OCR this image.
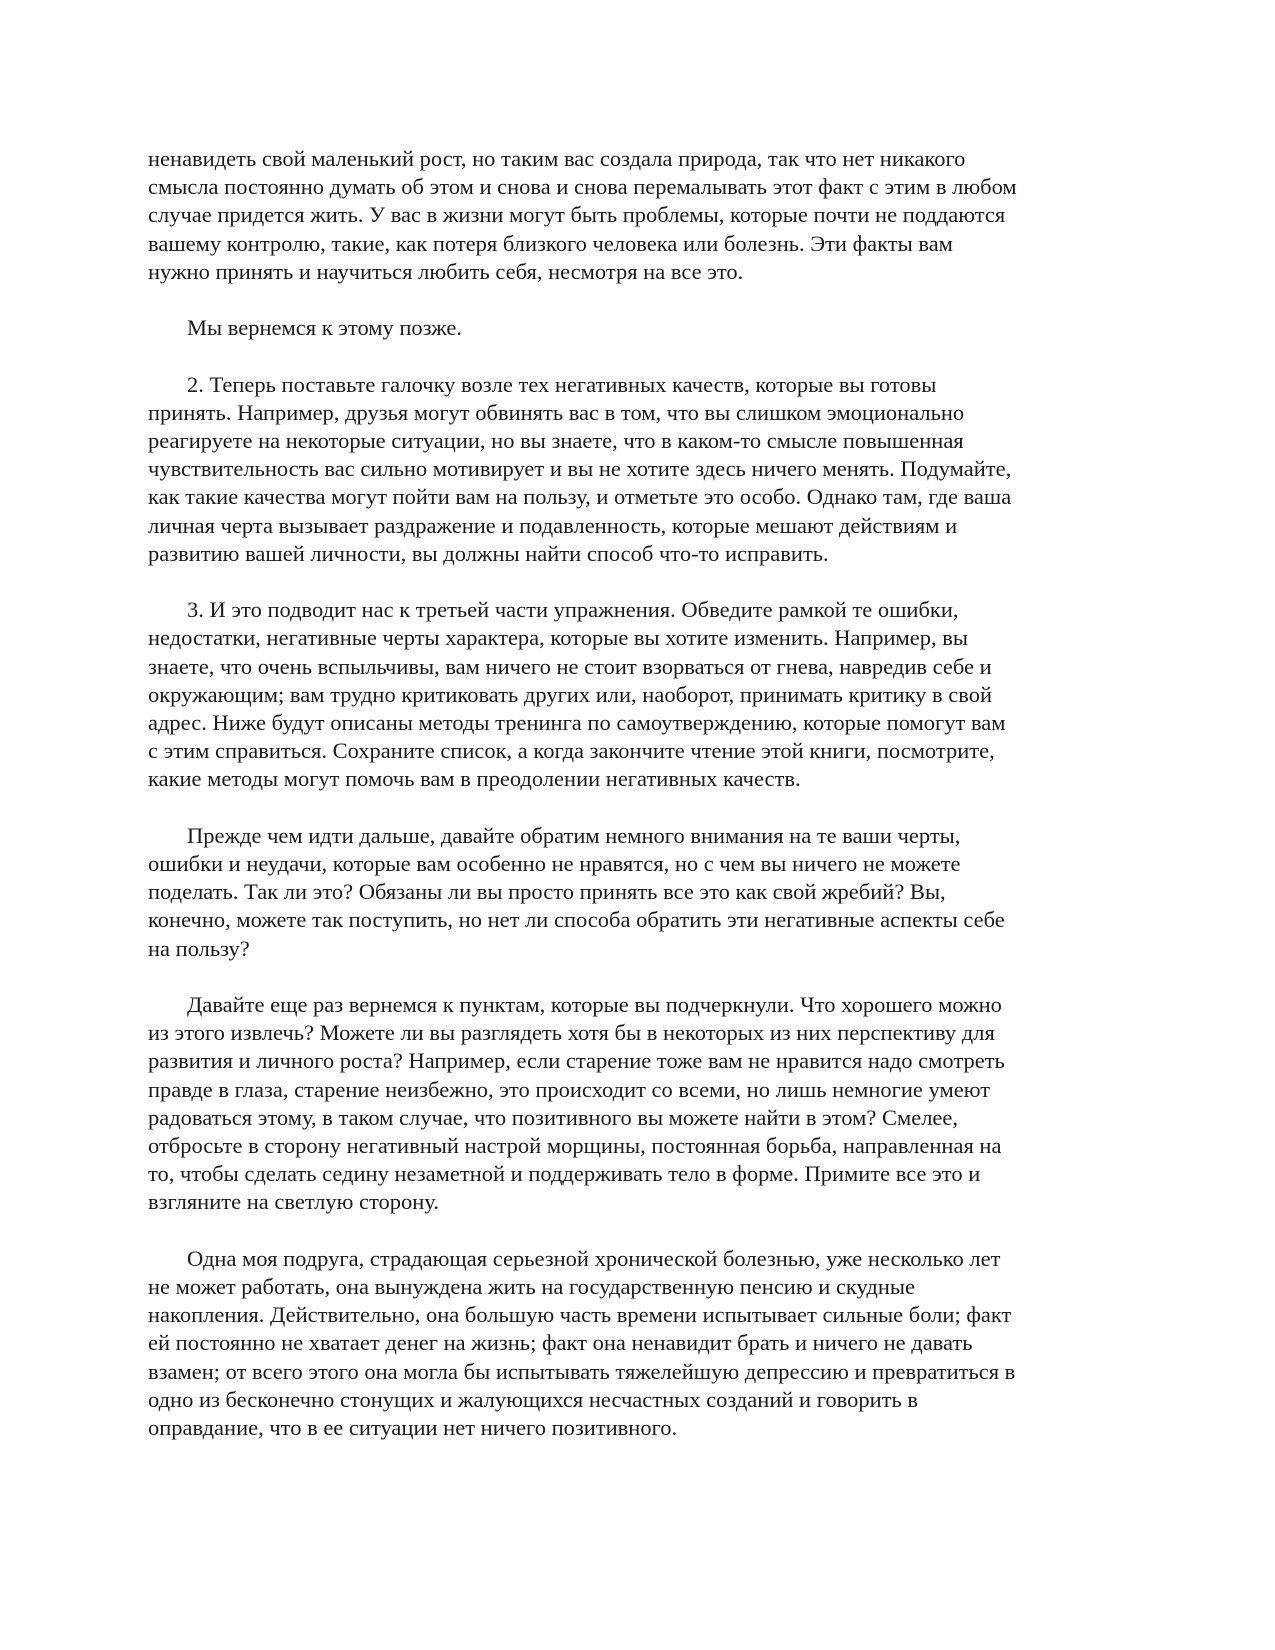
ненавидеть свой маленький рост, но таким вас создала природа, так что нет никакого
смысла постоянно думать об этом и снова и снова перемалывать этот факт с этим в любом
случае придется жить. У вас в жизни могут быть проблемы, которые почти не поддаются
вашему контролю, такие, как потеря близкого человека или болезнь. Эти факты вам
нужно принять и научиться любить себя, несмотря на все это.
Мы вернемся к этому позже.
2. Теперь поставьте галочку возле тех негативных качеств, которые вы готовы
принять. Например, друзья могут обвинять вас в том, что вы слишком эмоционально
реагируете на некоторые ситуации, но вы знаете, что в каком-то смысле повышенная
чувствительность вас сильно мотивирует и вы не хотите здесь ничего менять. Подумайте,
как такие качества могут пойти вам на пользу, и отметьте это особо. Однако там, где ваша
личная черта вызывает раздражение и подавленность, которые мешают действиям и
развитию вашей личности, вы должны найти способ что-то исправить.
3. И это подводит нас к третьей части упражнения. Обведите рамкой те ошибки,
недостатки, негативные черты характера, которые вы хотите изменить. Например, вы
знаете, что очень вспыльчивы, вам ничего не стоит взорваться от гнева, навредив себе и
окружающим; вам трудно критиковать других или, наоборот, принимать критику в свой
адрес. Ниже будут описаны методы тренинга по самоутверждению, которые помогут вам
с этим справиться. Сохраните список, а когда закончите чтение этой книги, посмотрите,
какие методы могут помочь вам в преодолении негативных качеств.
Прежде чем идти дальше, давайте обратим немного внимания на те ваши черты,
ошибки и неудачи, которые вам особенно не нравятся, но с чем вы ничего не можете
поделать. Так ли это? Обязаны ли вы просто принять все это как свой жребий? Вы,
конечно, можете так поступить, но нет ли способа обратить эти негативные аспекты себе
на пользу?
Давайте еще раз вернемся к пунктам, которые вы подчеркнули. Что хорошего можно
из этого извлечь? Можете ли вы разглядеть хотя бы в некоторых из них перспективу для
развития и личного роста? Например, если старение тоже вам не нравится надо смотреть
правде в глаза, старение неизбежно, это происходит со всеми, но лишь немногие умеют
радоваться этому, в таком случае, что позитивного вы можете найти в этом? Смелее,
отбросьте в сторону негативный настрой морщины, постоянная борьба, направленная на
то, чтобы сделать седину незаметной и поддерживать тело в форме. Примите все это и
взгляните на светлую сторону.
Одна моя подруга, страдающая серьезной хронической болезнью, уже несколько лет
не может работать, она вынуждена жить на государственную пенсию и скудные
накопления. Действительно, она большую часть времени испытывает сильные боли; факт
ей постоянно не хватает денег на жизнь; факт она ненавидит брать и ничего не давать
взамен; от всего этого она могла бы испытывать тяжелейшую депрессию и превратиться в
одно из бесконечно стонущих и жалующихся несчастных созданий и говорить в
оправдание, что в ее ситуации нет ничего позитивного.
